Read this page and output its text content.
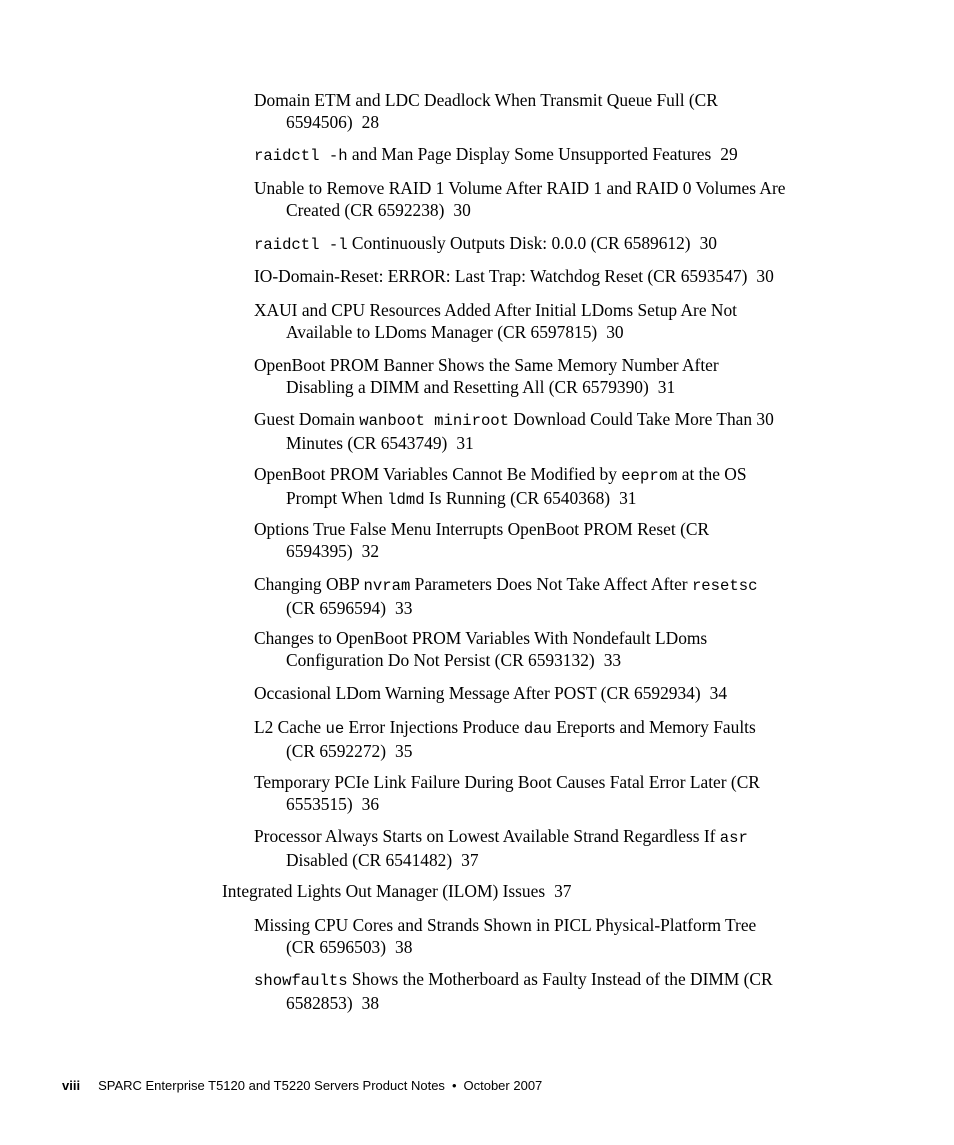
Domain ETM and LDC Deadlock When Transmit Queue Full (CR
6594506) 28
raidctl -h and Man Page Display Some Unsupported Features 29
Unable to Remove RAID 1 Volume After RAID 1 and RAID 0 Volumes Are
Created (CR 6592238) 30
raidctl -l Continuously Outputs Disk: 0.0.0 (CR 6589612) 30
IO-Domain-Reset: ERROR: Last Trap: Watchdog Reset (CR 6593547) 30
XAUI and CPU Resources Added After Initial LDoms Setup Are Not
Available to LDoms Manager (CR 6597815) 30
OpenBoot PROM Banner Shows the Same Memory Number After
Disabling a DIMM and Resetting All (CR 6579390) 31
Guest Domain wanboot miniroot Download Could Take More Than 30
Minutes (CR 6543749) 31
OpenBoot PROM Variables Cannot Be Modified by eeprom at the OS
Prompt When ldmd Is Running (CR 6540368) 31
Options True False Menu Interrupts OpenBoot PROM Reset (CR
6594395) 32
Changing OBP nvram Parameters Does Not Take Affect After resetsc
(CR 6596594) 33
Changes to OpenBoot PROM Variables With Nondefault LDoms
Configuration Do Not Persist (CR 6593132) 33
Occasional LDom Warning Message After POST (CR 6592934) 34
L2 Cache ue Error Injections Produce dau Ereports and Memory Faults
(CR 6592272) 35
Temporary PCIe Link Failure During Boot Causes Fatal Error Later (CR
6553515) 36
Processor Always Starts on Lowest Available Strand Regardless If asr
Disabled (CR 6541482) 37
Integrated Lights Out Manager (ILOM) Issues 37
Missing CPU Cores and Strands Shown in PICL Physical-Platform Tree
(CR 6596503) 38
showfaults Shows the Motherboard as Faulty Instead of the DIMM (CR
6582853) 38
viii SPARC Enterprise T5120 and T5220 Servers Product Notes • October 2007
